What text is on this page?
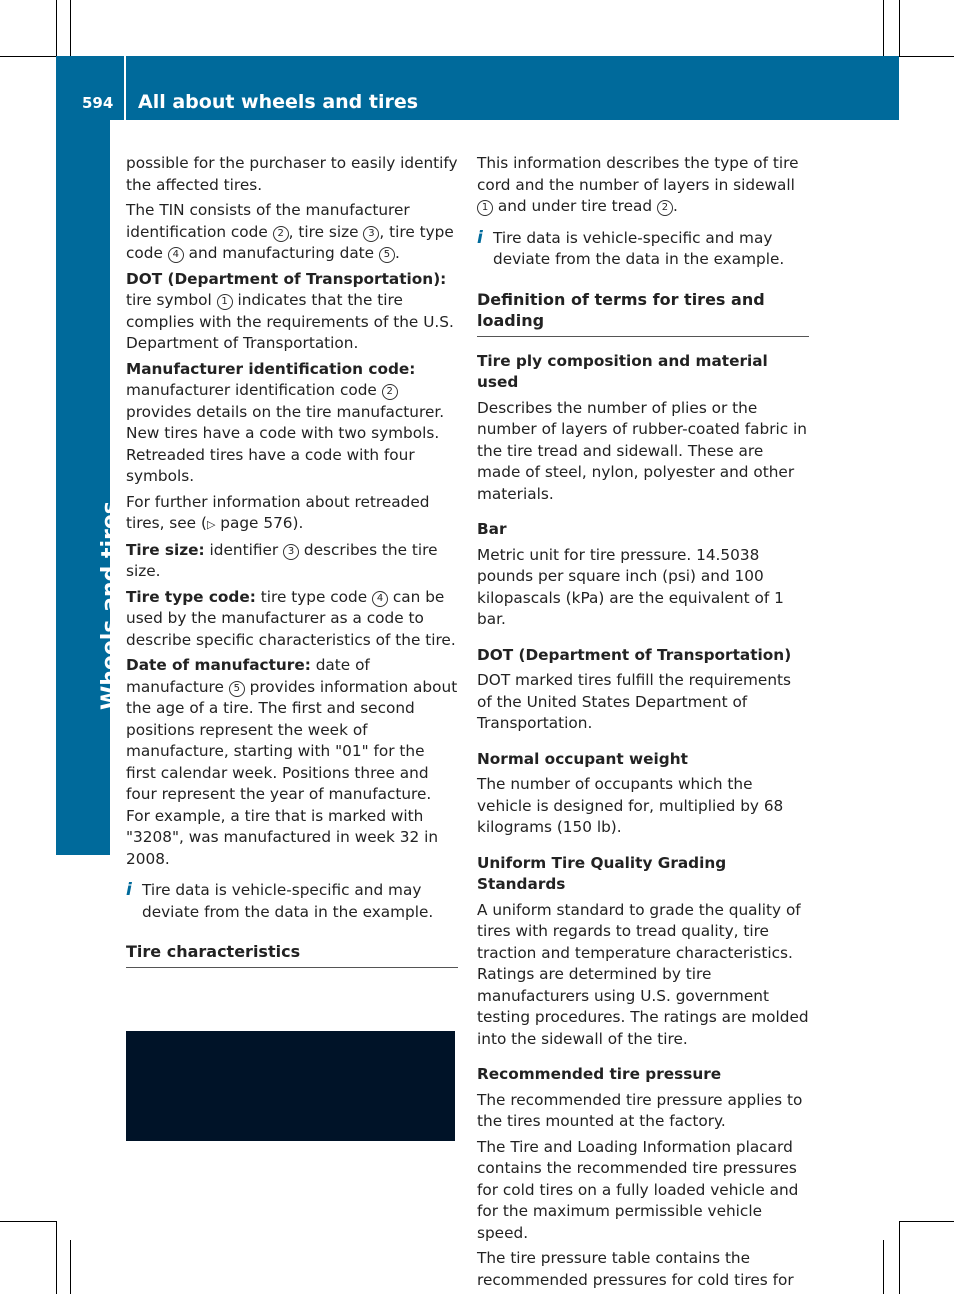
594 All about wheels and tires
Wheels and tires

possible for the purchaser to easily identify the affected tires.

The TIN consists of the manufacturer identification code 2 , tire size 3 , tire type code 4 and manufacturing date 5 .

DOT (Department of Transportation): tire symbol 1 indicates that the tire complies with the requirements of the U.S. Department of Transportation.

Manufacturer identification code: manufacturer identification code 2 provides details on the tire manufacturer. New tires have a code with two symbols. Retreaded tires have a code with four symbols.

For further information about retreaded tires, see (▷ page 576).

Tire size: identifier 3 describes the tire size.

Tire type code: tire type code 4 can be used by the manufacturer as a code to describe specific characteristics of the tire.

Date of manufacture: date of manufacture 5 provides information about the age of a tire. The first and second positions represent the week of manufacture, starting with "01" for the first calendar week. Positions three and four represent the year of manufacture. For example, a tire that is marked with "3208", was manufactured in week 32 in 2008.

i Tire data is vehicle-specific and may deviate from the data in the example.

Tire characteristics

This information describes the type of tire cord and the number of layers in sidewall 1 and under tire tread 2 .

i Tire data is vehicle-specific and may deviate from the data in the example.

Definition of terms for tires and loading
Tire ply composition and material used

Describes the number of plies or the number of layers of rubber-coated fabric in the tire tread and sidewall. These are made of steel, nylon, polyester and other materials.

Bar

Metric unit for tire pressure. 14.5038 pounds per square inch (psi) and 100 kilopascals (kPa) are the equivalent of 1 bar.

DOT (Department of Transportation)

DOT marked tires fulfill the requirements of the United States Department of Transportation.

Normal occupant weight

The number of occupants which the vehicle is designed for, multiplied by 68 kilograms (150 lb).

Uniform Tire Quality Grading Standards

A uniform standard to grade the quality of tires with regards to tread quality, tire traction and temperature characteristics. Ratings are determined by tire manufacturers using U.S. government testing procedures. The ratings are molded into the sidewall of the tire.

Recommended tire pressure

The recommended tire pressure applies to the tires mounted at the factory.

The Tire and Loading Information placard contains the recommended tire pressures for cold tires on a fully loaded vehicle and for the maximum permissible vehicle speed.

The tire pressure table contains the recommended pressures for cold tires for
